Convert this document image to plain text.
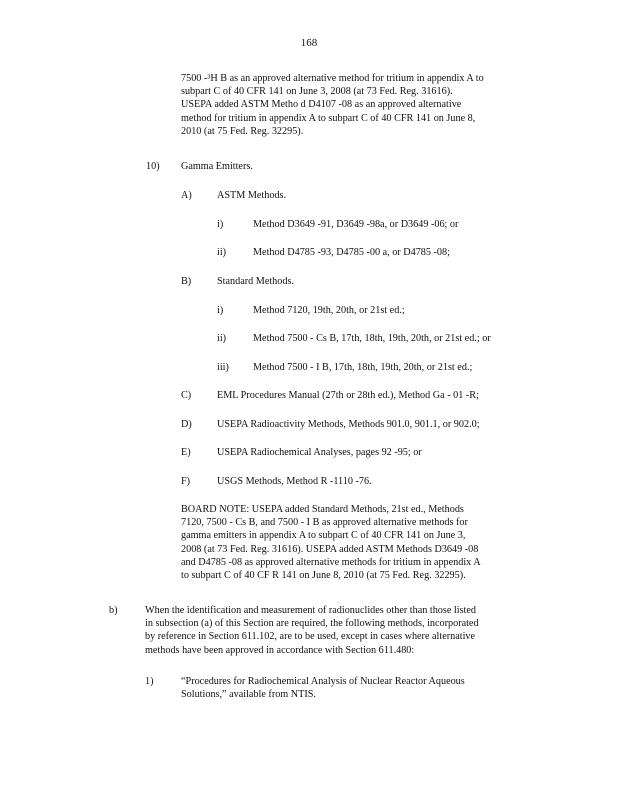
168
7500 -³H B as an approved alternative method for tritium in appendix A to
subpart C of 40 CFR 141 on June 3, 2008 (at 73 Fed. Reg. 31616).
USEPA added ASTM Metho d D4107 -08 as an approved alternative
method for tritium in appendix A to subpart C of 40 CFR 141 on June 8,
2010 (at 75 Fed. Reg. 32295).
10) Gamma Emitters.
A) ASTM Methods.
i)	Method D3649 -91, D3649 -98a, or D3649 -06; or
ii)	Method D4785 -93, D4785 -00 a, or D4785 -08;
B)	Standard Methods.
i)	Method 7120, 19th, 20th, or 21st ed.;
ii)	Method 7500 - Cs B, 17th, 18th, 19th, 20th, or 21st ed.; or
iii) Method 7500 - I B, 17th, 18th, 19th, 20th, or 21st ed.;
C)	EML Procedures Manual (27th or 28th ed.), Method Ga - 01 -R;
D) USEPA Radioactivity Methods, Methods 901.0, 901.1, or 902.0;
E)	USEPA Radiochemical Analyses, pages 92 -95; or
F)	USGS Methods, Method R -1110 -76.
BOARD NOTE: USEPA added Standard Methods, 21st ed., Methods
7120, 7500 - Cs B, and 7500 - I B as approved alternative methods for
gamma emitters in appendix A to subpart C of 40 CFR 141 on June 3,
2008 (at 73 Fed. Reg. 31616). USEPA added ASTM Methods D3649 -08
and D4785 -08 as approved alternative methods for tritium in appendix A
to subpart C of 40 CF R 141 on June 8, 2010 (at 75 Fed. Reg. 32295).
b)	When the identification and measurement of radionuclides other than those listed
in subsection (a) of this Section are required, the following methods, incorporated
by reference in Section 611.102, are to be used, except in cases where alternative
methods have been approved in accordance with Section 611.480:
1)	“Procedures for Radiochemical Analysis of Nuclear Reactor Aqueous
Solutions,” available from NTIS.
